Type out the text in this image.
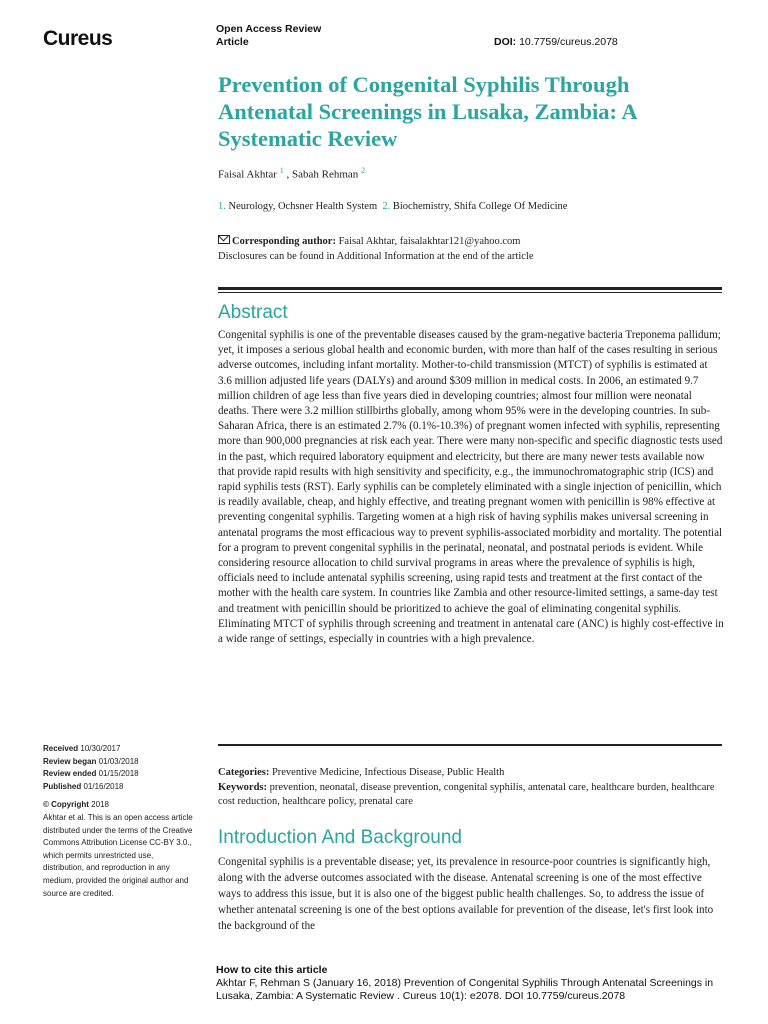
Cureus	Open Access Review
Article	DOI: 10.7759/cureus.2078
Prevention of Congenital Syphilis Through Antenatal Screenings in Lusaka, Zambia: A Systematic Review
Faisal Akhtar $^1$ , Sabah Rehman $^2$
1. Neurology, Ochsner Health System 2. Biochemistry, Shifa College Of Medicine
Corresponding author: Faisal Akhtar, faisalakhtar121@yahoo.com
Disclosures can be found in Additional Information at the end of the article
Abstract

Congenital syphilis is one of the preventable diseases caused by the gram-negative bacteria Treponema pallidum; yet, it imposes a serious global health and economic burden, with more than half of the cases resulting in serious adverse outcomes, including infant mortality. Mother-to-child transmission (MTCT) of syphilis is estimated at 3.6 million adjusted life years (DALYs) and around $309 million in medical costs. In 2006, an estimated 9.7 million children of age less than five years died in developing countries; almost four million were neonatal deaths. There were 3.2 million stillbirths globally, among whom 95% were in the developing countries. In sub-Saharan Africa, there is an estimated 2.7% (0.1%-10.3%) of pregnant women infected with syphilis, representing more than 900,000 pregnancies at risk each year. There were many non-specific and specific diagnostic tests used in the past, which required laboratory equipment and electricity, but there are many newer tests available now that provide rapid results with high sensitivity and specificity, e.g., the immunochromatographic strip (ICS) and rapid syphilis tests (RST). Early syphilis can be completely eliminated with a single injection of penicillin, which is readily available, cheap, and highly effective, and treating pregnant women with penicillin is 98% effective at preventing congenital syphilis. Targeting women at a high risk of having syphilis makes universal screening in antenatal programs the most efficacious way to prevent syphilis-associated morbidity and mortality. The potential for a program to prevent congenital syphilis in the perinatal, neonatal, and postnatal periods is evident. While considering resource allocation to child survival programs in areas where the prevalence of syphilis is high, officials need to include antenatal syphilis screening, using rapid tests and treatment at the first contact of the mother with the health care system. In countries like Zambia and other resource-limited settings, a same-day test and treatment with penicillin should be prioritized to achieve the goal of eliminating congenital syphilis. Eliminating MTCT of syphilis through screening and treatment in antenatal care (ANC) is highly cost-effective in a wide range of settings, especially in countries with a high prevalence.

Received 10/30/2017
Review began 01/03/2018
Review ended 01/15/2018
Published 01/16/2018
© Copyright 2018
Akhtar et al. This is an open access article distributed under the terms of the Creative Commons Attribution License CC-BY 3.0., which permits unrestricted use, distribution, and reproduction in any medium, provided the original author and source are credited.
Categories: Preventive Medicine, Infectious Disease, Public Health
Keywords: prevention, neonatal, disease prevention, congenital syphilis, antenatal care, healthcare burden, healthcare cost reduction, healthcare policy, prenatal care
Introduction And Background

Congenital syphilis is a preventable disease; yet, its prevalence in resource-poor countries is significantly high, along with the adverse outcomes associated with the disease. Antenatal screening is one of the most effective ways to address this issue, but it is also one of the biggest public health challenges. So, to address the issue of whether antenatal screening is one of the best options available for prevention of the disease, let's first look into the background of the

How to cite this article
Akhtar F, Rehman S (January 16, 2018) Prevention of Congenital Syphilis Through Antenatal Screenings in Lusaka, Zambia: A Systematic Review . Cureus 10(1): e2078. DOI 10.7759/cureus.2078
